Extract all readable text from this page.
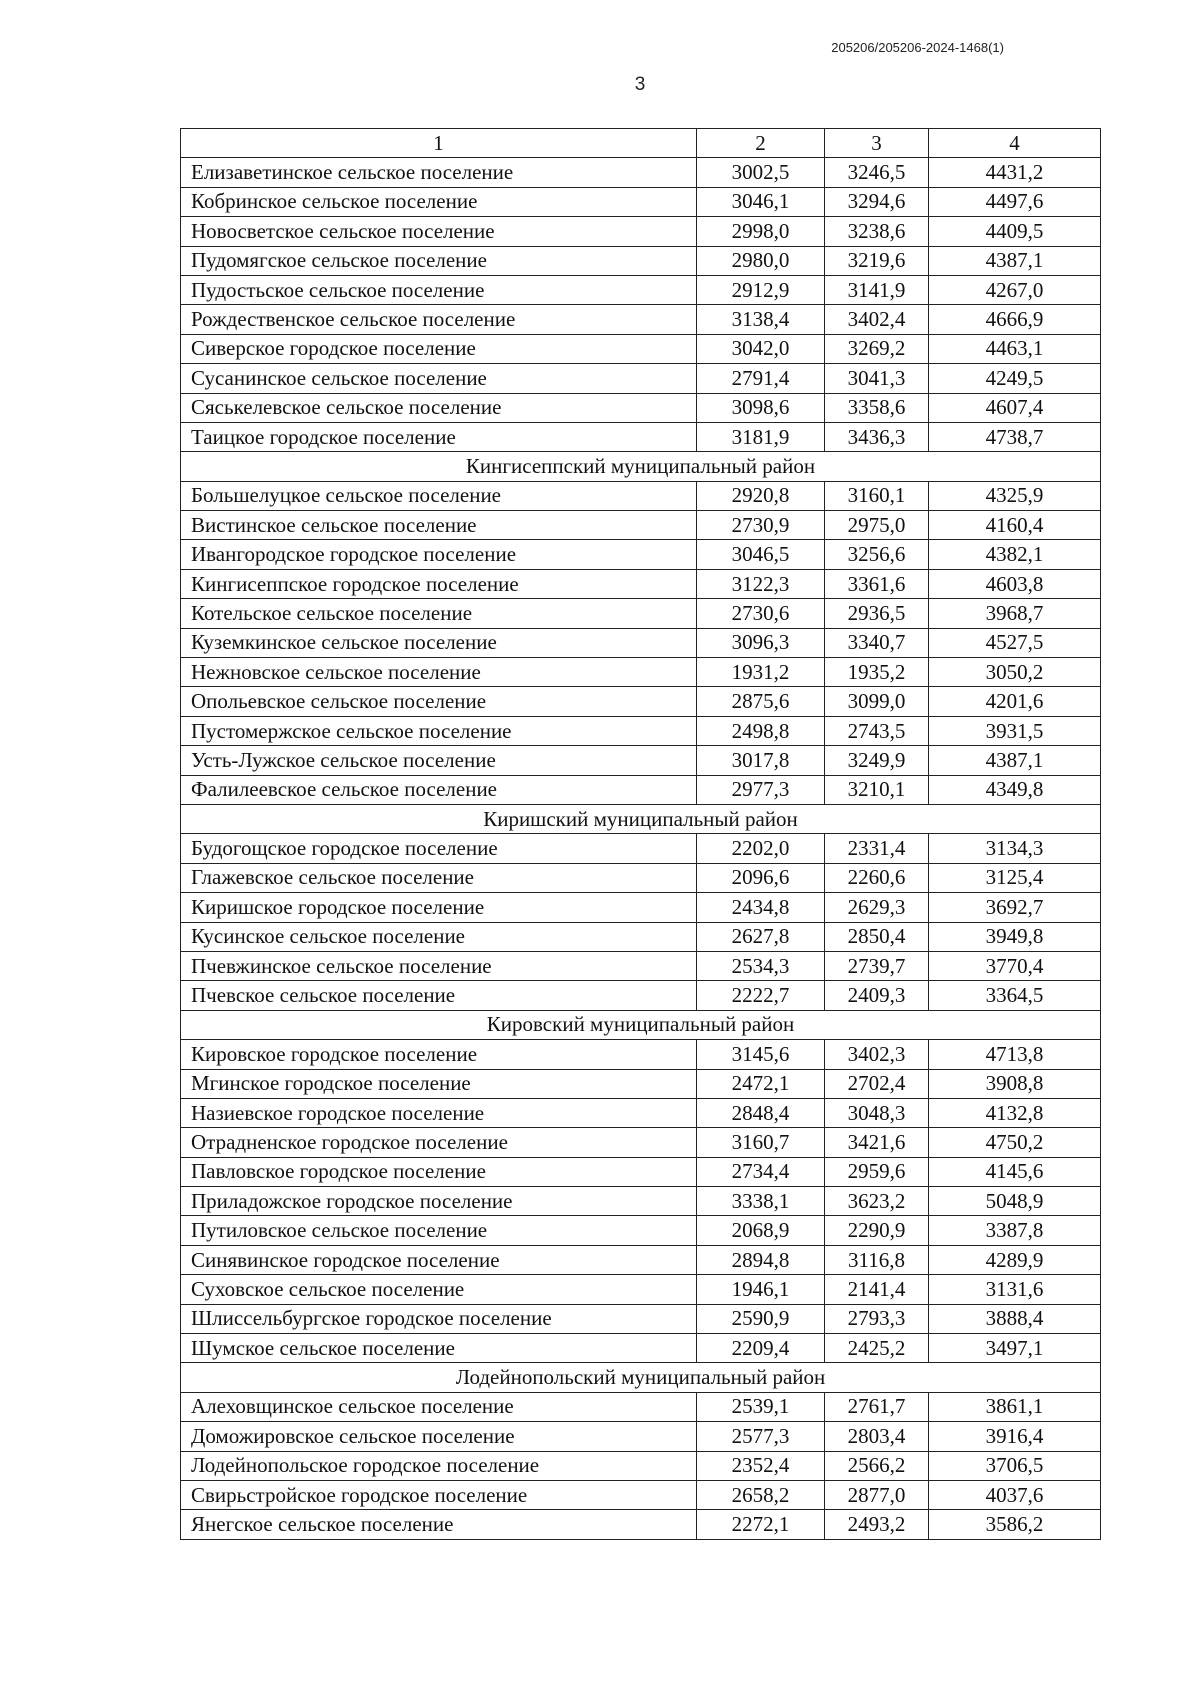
205206/205206-2024-1468(1)
3
1	2	3	4
Елизаветинское сельское поселение	3002,5	3246,5	4431,2
Кобринское сельское поселение	3046,1	3294,6	4497,6
Новосветское сельское поселение	2998,0	3238,6	4409,5
Пудомягское сельское поселение	2980,0	3219,6	4387,1
Пудостьское сельское поселение	2912,9	3141,9	4267,0
Рождественское сельское поселение	3138,4	3402,4	4666,9
Сиверское городское поселение	3042,0	3269,2	4463,1
Сусанинское сельское поселение	2791,4	3041,3	4249,5
Сяськелевское сельское поселение	3098,6	3358,6	4607,4
Таицкое городское поселение	3181,9	3436,3	4738,7
Кингисеппский муниципальный район			
Большелуцкое сельское поселение	2920,8	3160,1	4325,9
Вистинское сельское поселение	2730,9	2975,0	4160,4
Ивангородское городское поселение	3046,5	3256,6	4382,1
Кингисеппское городское поселение	3122,3	3361,6	4603,8
Котельское сельское поселение	2730,6	2936,5	3968,7
Куземкинское сельское поселение	3096,3	3340,7	4527,5
Нежновское сельское поселение	1931,2	1935,2	3050,2
Опольевское сельское поселение	2875,6	3099,0	4201,6
Пустомержское сельское поселение	2498,8	2743,5	3931,5
Усть-Лужское сельское поселение	3017,8	3249,9	4387,1
Фалилеевское сельское поселение	2977,3	3210,1	4349,8
Киришский муниципальный район			
Будогощское городское поселение	2202,0	2331,4	3134,3
Глажевское сельское поселение	2096,6	2260,6	3125,4
Киришское городское поселение	2434,8	2629,3	3692,7
Кусинское сельское поселение	2627,8	2850,4	3949,8
Пчевжинское сельское поселение	2534,3	2739,7	3770,4
Пчевское сельское поселение	2222,7	2409,3	3364,5
Кировский муниципальный район			
Кировское городское поселение	3145,6	3402,3	4713,8
Мгинское городское поселение	2472,1	2702,4	3908,8
Назиевское городское поселение	2848,4	3048,3	4132,8
Отрадненское городское поселение	3160,7	3421,6	4750,2
Павловское городское поселение	2734,4	2959,6	4145,6
Приладожское городское поселение	3338,1	3623,2	5048,9
Путиловское сельское поселение	2068,9	2290,9	3387,8
Синявинское городское поселение	2894,8	3116,8	4289,9
Суховское сельское поселение	1946,1	2141,4	3131,6
Шлиссельбургское городское поселение	2590,9	2793,3	3888,4
Шумское сельское поселение	2209,4	2425,2	3497,1
Лодейнопольский муниципальный район			
Алеховщинское сельское поселение	2539,1	2761,7	3861,1
Доможировское сельское поселение	2577,3	2803,4	3916,4
Лодейнопольское городское поселение	2352,4	2566,2	3706,5
Свирьстройское городское поселение	2658,2	2877,0	4037,6
Янегское сельское поселение	2272,1	2493,2	3586,2
